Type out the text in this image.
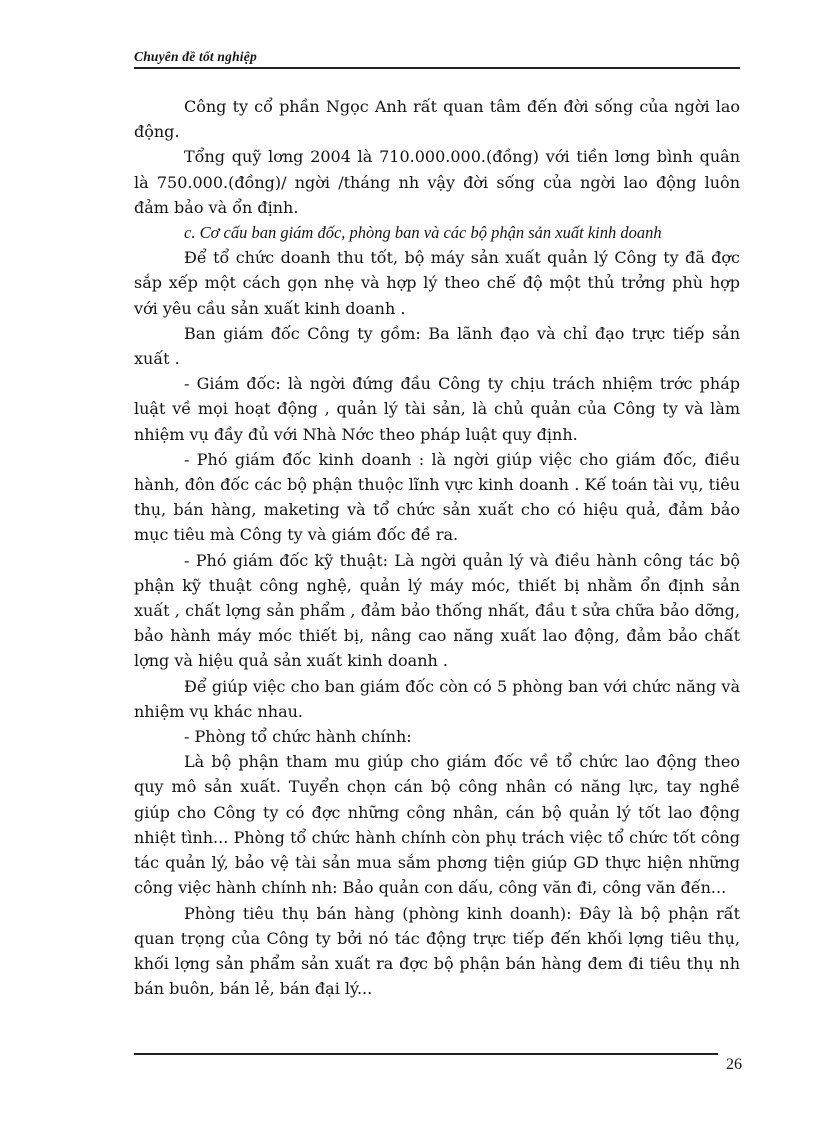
Chuyên đề tốt nghiệp

Công ty cổ phần Ngọc Anh rất quan tâm đến đời sống của ngời lao động.

Tổng quỹ lơng 2004 là 710.000.000.(đồng) với tiền lơng bình quân là 750.000.(đồng)/ ngời /tháng nh vậy đời sống của ngời lao động luôn đảm bảo và ổn định.

c. Cơ cấu ban giám đốc, phòng ban và các bộ phận sản xuất kinh doanh

Để tổ chức doanh thu tốt, bộ máy sản xuất quản lý Công ty đã đợc sắp xếp một cách gọn nhẹ và hợp lý theo chế độ một thủ trởng phù hợp với yêu cầu sản xuất kinh doanh .

Ban giám đốc Công ty gồm: Ba lãnh đạo và chỉ đạo trực tiếp sản xuất .

- Giám đốc: là ngời đứng đầu Công ty chịu trách nhiệm trớc pháp luật về mọi hoạt động , quản lý tài sản, là chủ quản của Công ty và làm nhiệm vụ đầy đủ với Nhà Nớc theo pháp luật quy định.

- Phó giám đốc kinh doanh : là ngời giúp việc cho giám đốc, điều hành, đôn đốc các bộ phận thuộc lĩnh vực kinh doanh . Kế toán tài vụ, tiêu thụ, bán hàng, maketing và tổ chức sản xuất cho có hiệu quả, đảm bảo mục tiêu mà Công ty và giám đốc đề ra.

- Phó giám đốc kỹ thuật: Là ngời quản lý và điều hành công tác bộ phận kỹ thuật công nghệ, quản lý máy móc, thiết bị nhằm ổn định sản xuất , chất lợng sản phẩm , đảm bảo thống nhất, đầu t sửa chữa bảo dỡng, bảo hành máy móc thiết bị, nâng cao năng xuất lao động, đảm bảo chất lợng và hiệu quả sản xuất kinh doanh .

Để giúp việc cho ban giám đốc còn có 5 phòng ban với chức năng và nhiệm vụ khác nhau.

- Phòng tổ chức hành chính:

Là bộ phận tham mu giúp cho giám đốc về tổ chức lao động theo quy mô sản xuất. Tuyển chọn cán bộ công nhân có năng lực, tay nghề giúp cho Công ty có đợc những công nhân, cán bộ quản lý tốt lao động nhiệt tình... Phòng tổ chức hành chính còn phụ trách việc tổ chức tốt công tác quản lý, bảo vệ tài sản mua sắm phơng tiện giúp GD thực hiện những công việc hành chính nh: Bảo quản con dấu, công văn đi, công văn đến...

Phòng tiêu thụ bán hàng (phòng kinh doanh): Đây là bộ phận rất quan trọng của Công ty bởi nó tác động trực tiếp đến khối lợng tiêu thụ, khối lợng sản phẩm sản xuất ra đợc bộ phận bán hàng đem đi tiêu thụ nh bán buôn, bán lẻ, bán đại lý...

26
